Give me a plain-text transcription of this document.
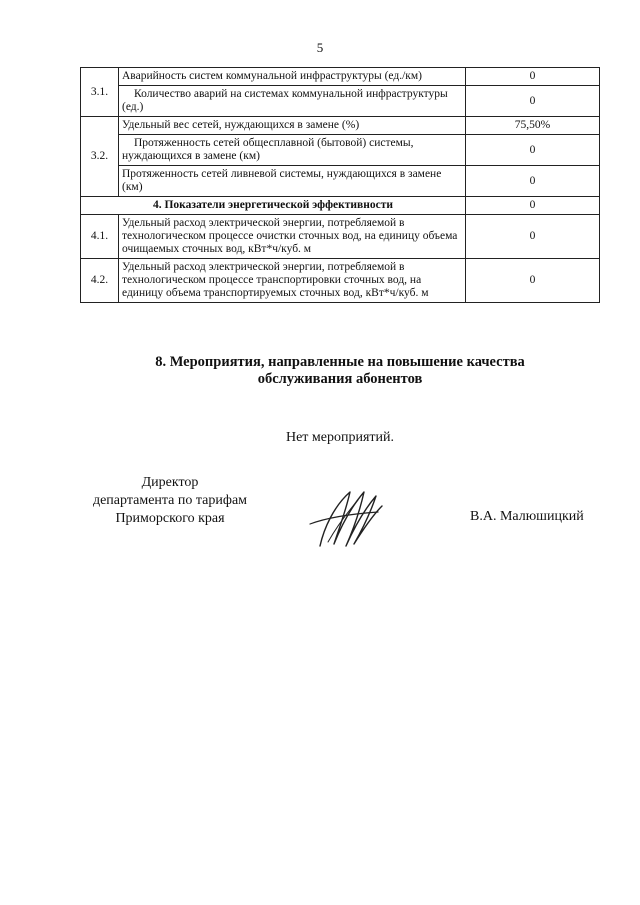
5
3.1.	Аварийность систем коммунальной инфраструктуры (ед./км)	0
	Количество аварий на системах коммунальной инфраструктуры (ед.)	0
3.2.	Удельный вес сетей, нуждающихся в замене (%)	75,50%
	Протяженность сетей общесплавной (бытовой) системы, нуждающихся в замене (км)	0
	Протяженность сетей ливневой системы, нуждающихся в замене (км)	0
4. Показатели энергетической эффективности		0
4.1.	Удельный расход электрической энергии, потребляемой в технологическом процессе очистки сточных вод, на единицу объема очищаемых сточных вод, кВт*ч/куб. м	0
4.2.	Удельный расход электрической энергии, потребляемой в технологическом процессе транспортировки сточных вод, на единицу объема транспортируемых сточных вод, кВт*ч/куб. м	0
8. Мероприятия, направленные на повышение качества
обслуживания абонентов
Нет мероприятий.
Директор
департамента по тарифам
Приморского края	В.А. Малюшицкий
